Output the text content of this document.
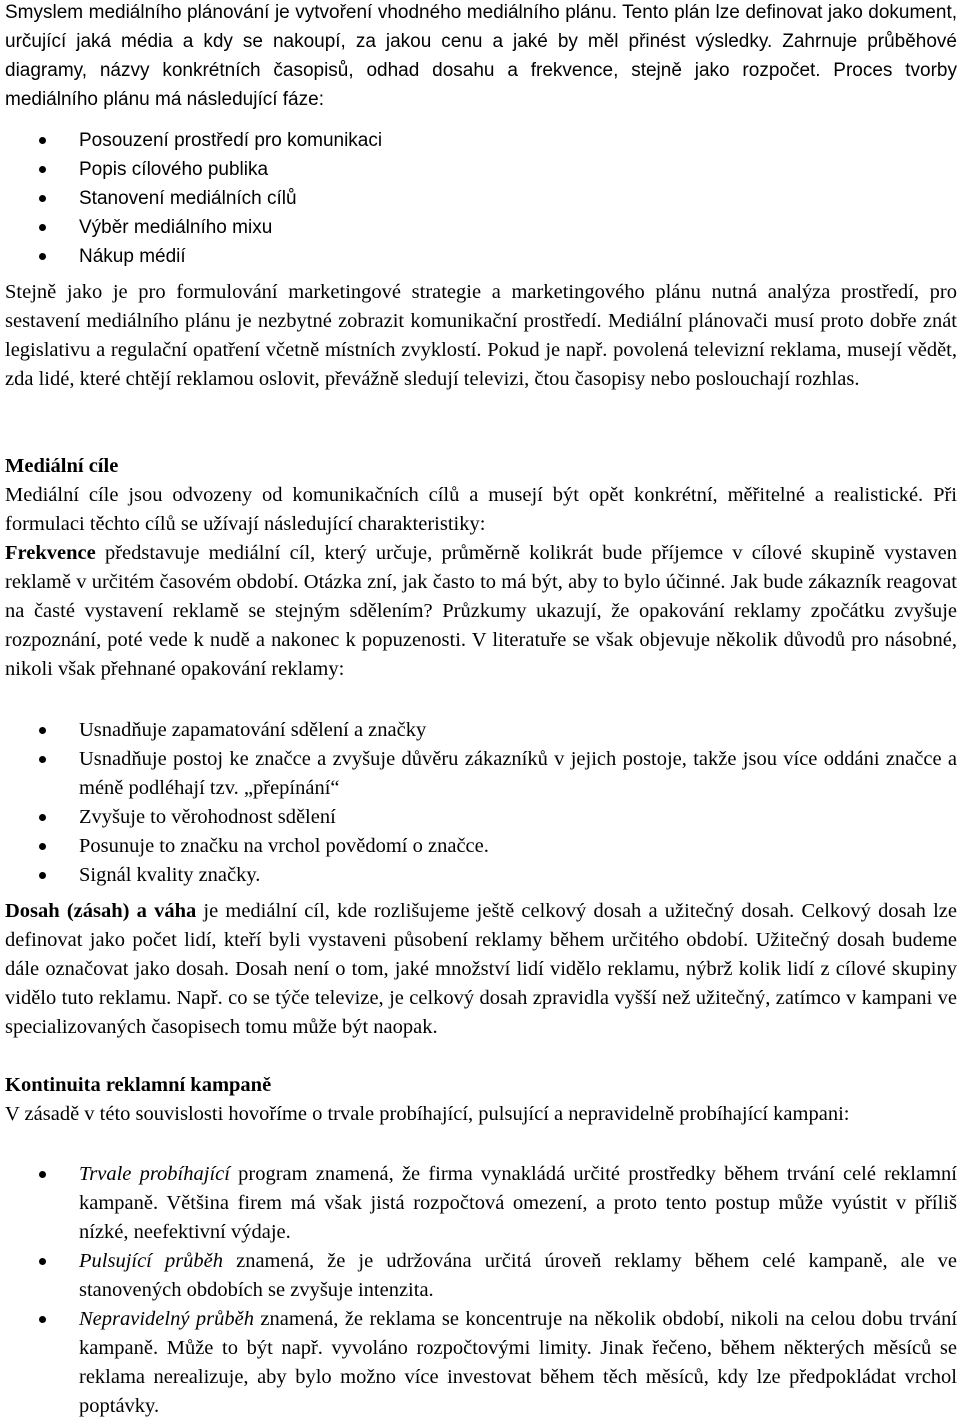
Smyslem mediálního plánování je vytvoření vhodného mediálního plánu. Tento plán lze definovat jako dokument, určující jaká média a kdy se nakoupí, za jakou cenu a jaké by měl přinést výsledky. Zahrnuje průběhové diagramy, názvy konkrétních časopisů, odhad dosahu a frekvence, stejně jako rozpočet. Proces tvorby mediálního plánu má následující fáze:

Posouzení prostředí pro komunikaci
Popis cílového publika
Stanovení mediálních cílů
Výběr mediálního mixu
Nákup médií

Stejně jako je pro formulování marketingové strategie a marketingového plánu nutná analýza prostředí, pro sestavení mediálního plánu je nezbytné zobrazit komunikační prostředí. Mediální plánovači musí proto dobře znát legislativu a regulační opatření včetně místních zvyklostí. Pokud je např. povolená televizní reklama, musejí vědět, zda lidé, které chtějí reklamou oslovit, převážně sledují televizi, čtou časopisy nebo poslouchají rozhlas.

Mediální cíle

Mediální cíle jsou odvozeny od komunikačních cílů a musejí být opět konkrétní, měřitelné a realistické. Při formulaci těchto cílů se užívají následující charakteristiky:

Frekvence představuje mediální cíl, který určuje, průměrně kolikrát bude příjemce v cílové skupině vystaven reklamě v určitém časovém období. Otázka zní, jak často to má být, aby to bylo účinné. Jak bude zákazník reagovat na časté vystavení reklamě se stejným sdělením? Průzkumy ukazují, že opakování reklamy zpočátku zvyšuje rozpoznání, poté vede k nudě a nakonec k popuzenosti. V literatuře se však objevuje několik důvodů pro násobné, nikoli však přehnané opakování reklamy:

Usnadňuje zapamatování sdělení a značky
Usnadňuje postoj ke značce a zvyšuje důvěru zákazníků v jejich postoje, takže jsou více oddáni značce a méně podléhají tzv. „přepínání“
Zvyšuje to věrohodnost sdělení
Posunuje to značku na vrchol povědomí o značce.
Signál kvality značky.

Dosah (zásah) a váha je mediální cíl, kde rozlišujeme ještě celkový dosah a užitečný dosah. Celkový dosah lze definovat jako počet lidí, kteří byli vystaveni působení reklamy během určitého období. Užitečný dosah budeme dále označovat jako dosah. Dosah není o tom, jaké množství lidí vidělo reklamu, nýbrž kolik lidí z cílové skupiny vidělo tuto reklamu. Např. co se týče televize, je celkový dosah zpravidla vyšší než užitečný, zatímco v kampani ve specializovaných časopisech tomu může být naopak.

Kontinuita reklamní kampaně

V zásadě v této souvislosti hovoříme o trvale probíhající, pulsující a nepravidelně probíhající kampani:

Trvale probíhající program znamená, že firma vynakládá určité prostředky během trvání celé reklamní kampaně. Většina firem má však jistá rozpočtová omezení, a proto tento postup může vyústit v příliš nízké, neefektivní výdaje.
Pulsující průběh znamená, že je udržována určitá úroveň reklamy během celé kampaně, ale ve stanovených obdobích se zvyšuje intenzita.
Nepravidelný průběh znamená, že reklama se koncentruje na několik období, nikoli na celou dobu trvání kampaně. Může to být např. vyvoláno rozpočtovými limity. Jinak řečeno, během některých měsíců se reklama nerealizuje, aby bylo možno více investovat během těch měsíců, kdy lze předpokládat vrchol poptávky.
